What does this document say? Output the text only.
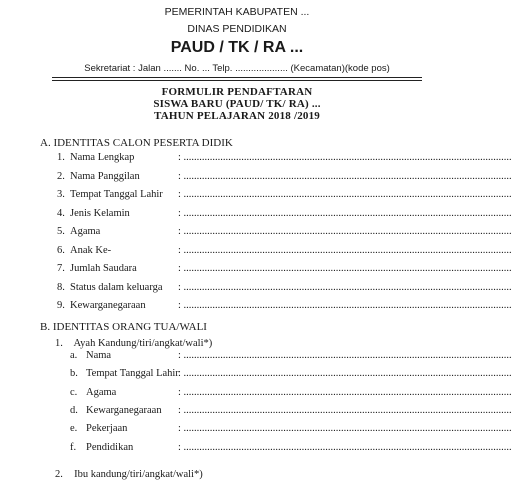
PEMERINTAH KABUPATEN ...
DINAS PENDIDIKAN
PAUD / TK / RA ...
Sekretariat : Jalan ....... No. ... Telp. .................... (Kecamatan)(kode pos)
FORMULIR PENDAFTARAN
SISWA BARU (PAUD/ TK/ RA) ...
TAHUN PELAJARAN 2018 /2019
A. IDENTITAS CALON PESERTA DIDIK
1. Nama Lengkap	: .............................................................................................................................
2. Nama Panggilan	: .............................................................................................................................
3. Tempat Tanggal Lahir : .............................................................................................................................
4. Jenis Kelamin	: .............................................................................................................................
5. Agama	: .............................................................................................................................
6. Anak Ke-	: .............................................................................................................................
7. Jumlah Saudara	: .............................................................................................................................
8. Status dalam keluarga : .............................................................................................................................
9. Kewarganegaraan	: .............................................................................................................................
B. IDENTITAS ORANG TUA/WALI
1. Ayah Kandung/tiri/angkat/wali*)
a. Nama	: .............................................................................................................................
b. Tempat Tanggal Lahir : .............................................................................................................................
c. Agama	: .............................................................................................................................
d. Kewarganegaraan : .............................................................................................................................
e. Pekerjaan	: .............................................................................................................................
f. Pendidikan	: .............................................................................................................................
2. Ibu kandung/tiri/angkat/wali*)
